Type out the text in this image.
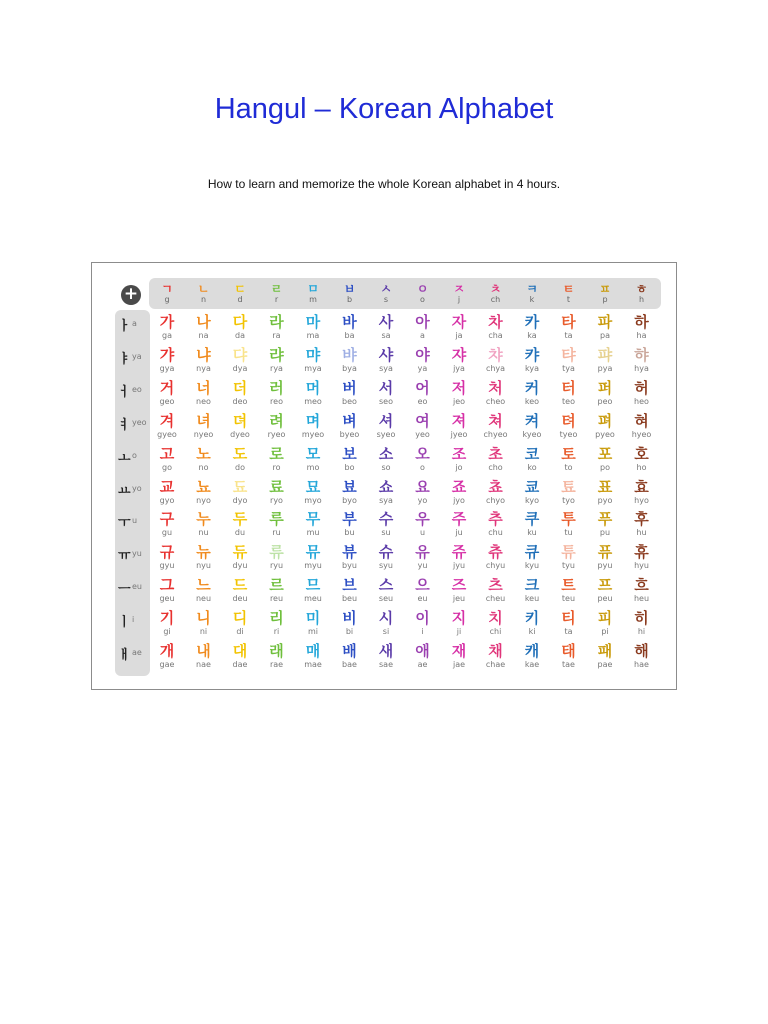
Hangul – Korean Alphabet
How to learn and memorize the whole Korean alphabet in 4 hours.
+	ㄱ
g
ㄴ
n
ㄷ
d
ㄹ
r
ㅁ
m
ㅂ
b
ㅅ
s
ㅇ
o
ㅈ
j
ㅊ
ch
ㅋ
k
ㅌ
t
ㅍ
p
ㅎ
h
ㅏ a
ㅑ ya
ㅓ eo
ㅕ yeo
ㅗ o
ㅛ yo
ㅜ u
ㅠ yu
ㅡ eu
ㅣ i
ㅐ ae
가
ga
나
na
다
da
라
ra
마
ma
바
ba
사
sa
아
a
자
ja
차
cha
카
ka
타
ta
파
pa
하
ha
갸
gya
냐
nya
댜
dya
랴
rya
먀
mya
뱌
bya
샤
sya
야
ya
쟈
jya
챠
chya
캬
kya
탸
tya
퍄
pya
햐
hya
거
geo
너
neo
더
deo
러
reo
머
meo
버
beo
서
seo
어
eo
저
jeo
처
cheo
커
keo
터
teo
퍼
peo
허
heo
겨
gyeo
녀
nyeo
뎌
dyeo
려
ryeo
며
myeo
벼
byeo
셔
syeo
여
yeo
져
jyeo
쳐
chyeo
켜
kyeo
텨
tyeo
펴
pyeo
혀
hyeo
고
go
노
no
도
do
로
ro
모
mo
보
bo
소
so
오
o
조
jo
초
cho
코
ko
토
to
포
po
호
ho
교
gyo
뇨
nyo
됴
dyo
료
ryo
묘
myo
뵤
byo
쇼
sya
요
yo
죠
jyo
쵸
chyo
쿄
kyo
툐
tyo
표
pyo
효
hyo
구
gu
누
nu
두
du
루
ru
무
mu
부
bu
수
su
우
u
주
ju
추
chu
쿠
ku
투
tu
푸
pu
후
hu
규
gyu
뉴
nyu
듀
dyu
류
ryu
뮤
myu
뷰
byu
슈
syu
유
yu
쥬
jyu
츄
chyu
큐
kyu
튜
tyu
퓨
pyu
휴
hyu
그
geu
느
neu
드
deu
르
reu
므
meu
브
beu
스
seu
으
eu
즈
jeu
츠
cheu
크
keu
트
teu
프
peu
흐
heu
기
gi
니
ni
디
di
리
ri
미
mi
비
bi
시
si
이
i
지
ji
치
chi
키
ki
티
ta
피
pi
히
hi
개
gae
내
nae
대
dae
래
rae
매
mae
배
bae
새
sae
애
ae
재
jae
채
chae
캐
kae
태
tae
패
pae
해
hae
